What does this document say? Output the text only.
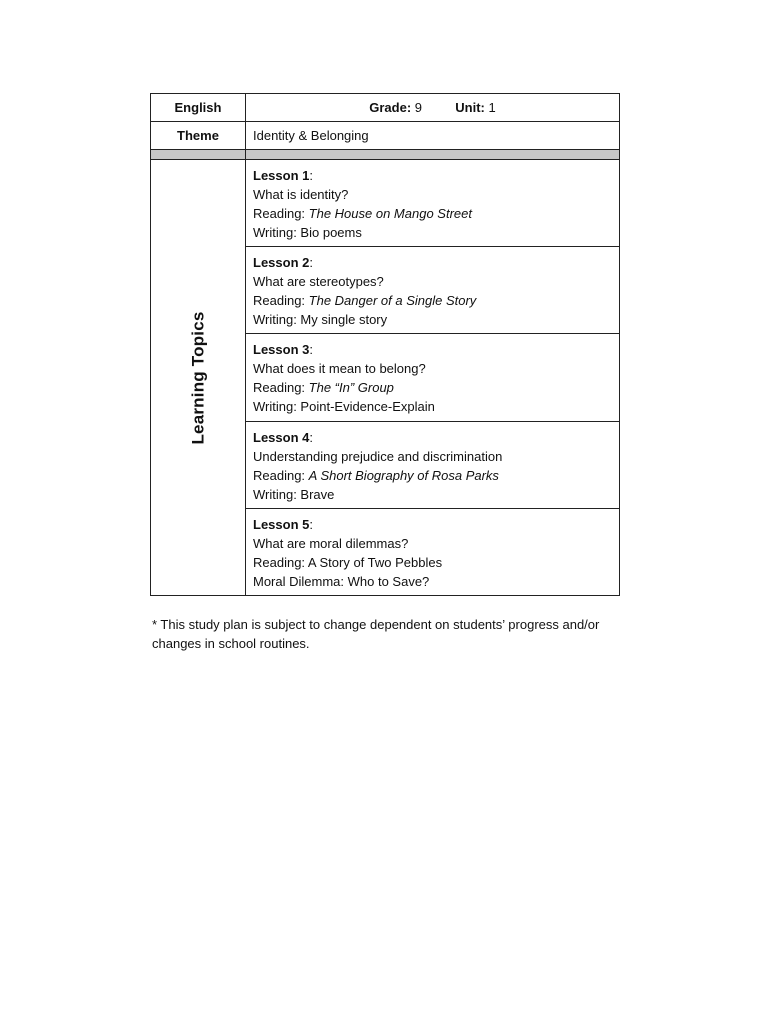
English	Grade: 9 Unit: 1
Theme	Identity & Belonging

Learning Topics	Lesson 1:
What is identity?
Reading: The House on Mango Street
Writing: Bio poems

	Lesson 2:
What are stereotypes?
Reading: The Danger of a Single Story
Writing: My single story

	Lesson 3:
What does it mean to belong?
Reading: The “In” Group
Writing: Point-Evidence-Explain

	Lesson 4:
Understanding prejudice and discrimination
Reading: A Short Biography of Rosa Parks
Writing: Brave

	Lesson 5:
What are moral dilemmas?
Reading: A Story of Two Pebbles
Moral Dilemma: Who to Save?
* This study plan is subject to change dependent on students’ progress and/or changes in school routines.
